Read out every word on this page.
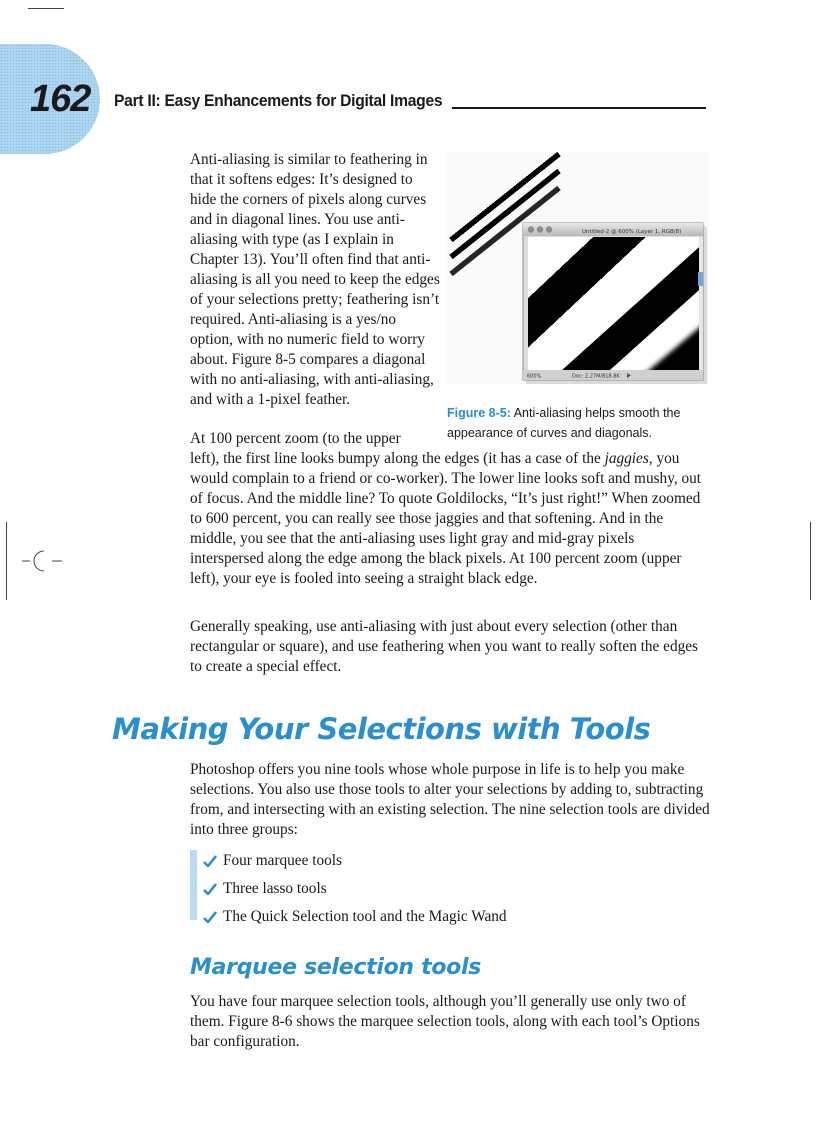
162 Part II: Easy Enhancements for Digital Images

Anti-aliasing is similar to feathering in that it softens edges: It’s designed to hide the corners of pixels along curves and in diagonal lines. You use anti-aliasing with type (as I explain in Chapter 13). You’ll often find that anti-aliasing is all you need to keep the edges of your selections pretty; feathering isn’t required. Anti-aliasing is a yes/no option, with no numeric field to worry about. Figure 8-5 compares a diagonal with no anti-aliasing, with anti-aliasing, and with a 1-pixel feather.

Untitled-2 @ 600% (Layer 1, RGB/8)
600%	Doc: 2.27M/818.8K
Figure 8-5: Anti-aliasing helps smooth the appearance of curves and diagonals.

At 100 percent zoom (to the upper

left), the first line looks bumpy along the edges (it has a case of the jaggies, you would complain to a friend or co-worker). The lower line looks soft and mushy, out of focus. And the middle line? To quote Goldilocks, “It’s just right!” When zoomed to 600 percent, you can really see those jaggies and that softening. And in the middle, you see that the anti-aliasing uses light gray and mid-gray pixels interspersed along the edge among the black pixels. At 100 percent zoom (upper left), your eye is fooled into seeing a straight black edge.

Generally speaking, use anti-aliasing with just about every selection (other than rectangular or square), and use feathering when you want to really soften the edges to create a special effect.

Making Your Selections with Tools

Photoshop offers you nine tools whose whole purpose in life is to help you make selections. You also use those tools to alter your selections by adding to, subtracting from, and intersecting with an existing selection. The nine selection tools are divided into three groups:

Four marquee tools
Three lasso tools
The Quick Selection tool and the Magic Wand
Marquee selection tools

You have four marquee selection tools, although you’ll generally use only two of them. Figure 8-6 shows the marquee selection tools, along with each tool’s Options bar configuration.
